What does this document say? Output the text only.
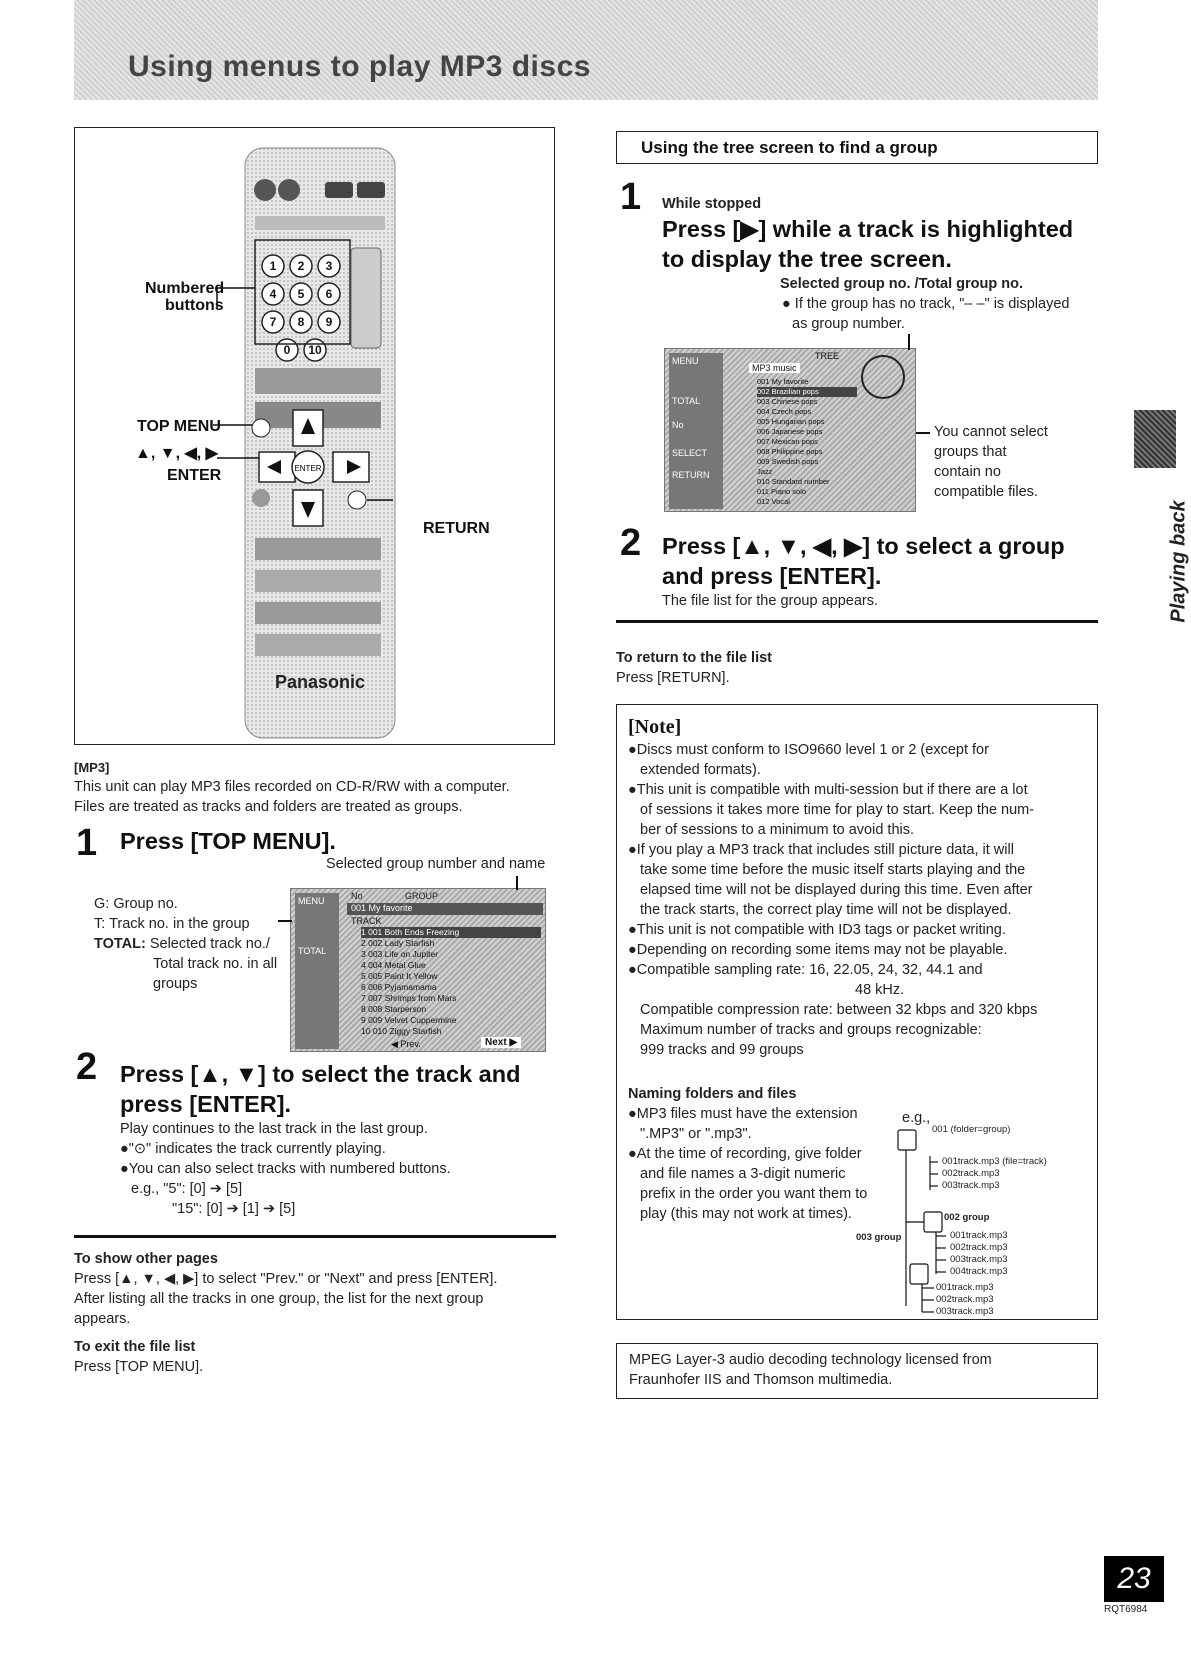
Using menus to play MP3 discs
1 2 3
4 5 6
7 8 9
0 10
ENTER
Panasonic
Numbered
buttons
TOP MENU
▲, ▼, ◀, ▶
ENTER
RETURN
[MP3]
This unit can play MP3 files recorded on CD-R/RW with a computer.
Files are treated as tracks and folders are treated as groups.
1 Press [TOP MENU].
Selected group number and name
G: Group no.
T: Track no. in the group
TOTAL: Selected track no./
Total track no. in all
groups
MENU
TOTAL
No	GROUP
001 My favorite
TRACK
1 001 Both Ends Freezing
2 002 Lady Starfish
3 003 Life on Jupiter
4 004 Metal Glue
5 005 Paint It Yellow
6 006 Pyjamamama
7 007 Shrimps from Mars
8 008 Starperson
9 009 Velvet Cuppermine
10 010 Ziggy Starfish
◀ Prev.	Next ▶
2 Press [▲, ▼] to select the track and
press [ENTER].
Play continues to the last track in the last group.
●"⊙" indicates the track currently playing.
●You can also select tracks with numbered buttons.
e.g., "5": [0] ➔ [5]
"15": [0] ➔ [1] ➔ [5]
To show other pages
Press [▲, ▼, ◀, ▶] to select "Prev." or "Next" and press [ENTER].
After listing all the tracks in one group, the list for the next group
appears.
To exit the file list
Press [TOP MENU].
Using the tree screen to find a group
1 While stopped
Press [▶] while a track is highlighted
to display the tree screen.
Selected group no. /Total group no.
● If the group has no track, "– –" is displayed
as group number.
MENU
TOTAL
No
SELECT
RETURN
TREE
MP3 music
001 My favorite
002 Brazilian pops
003 Chinese pops
004 Czech pops
005 Hungarian pops
006 Japanese pops
007 Mexican pops
008 Philippine pops
009 Swedish pops
Jazz
010 Standard number
011 Piano solo
012 Vocal
You cannot select
groups that
contain no
compatible files.
2 Press [▲, ▼, ◀, ▶] to select a group
and press [ENTER].
The file list for the group appears.
To return to the file list
Press [RETURN].
[Note]
●Discs must conform to ISO9660 level 1 or 2 (except for
extended formats).
●This unit is compatible with multi-session but if there are a lot
of sessions it takes more time for play to start. Keep the num-
ber of sessions to a minimum to avoid this.
●If you play a MP3 track that includes still picture data, it will
take some time before the music itself starts playing and the
elapsed time will not be displayed during this time. Even after
the track starts, the correct play time will not be displayed.
●This unit is not compatible with ID3 tags or packet writing.
●Depending on recording some items may not be playable.
●Compatible sampling rate: 16, 22.05, 24, 32, 44.1 and
48 kHz.
Compatible compression rate: between 32 kbps and 320 kbps
Maximum number of tracks and groups recognizable:
999 tracks and 99 groups
Naming folders and files
●MP3 files must have the extension
".MP3" or ".mp3".
●At the time of recording, give folder
and file names a 3-digit numeric
prefix in the order you want them to
play (this may not work at times).
e.g.,
001 (folder=group)
001track.mp3 (file=track)
002track.mp3
003track.mp3
002 group
001track.mp3
002track.mp3
003track.mp3
004track.mp3
003 group
001track.mp3
002track.mp3
003track.mp3
MPEG Layer-3 audio decoding technology licensed from
Fraunhofer IIS and Thomson multimedia.
Playing back
23
RQT6984
